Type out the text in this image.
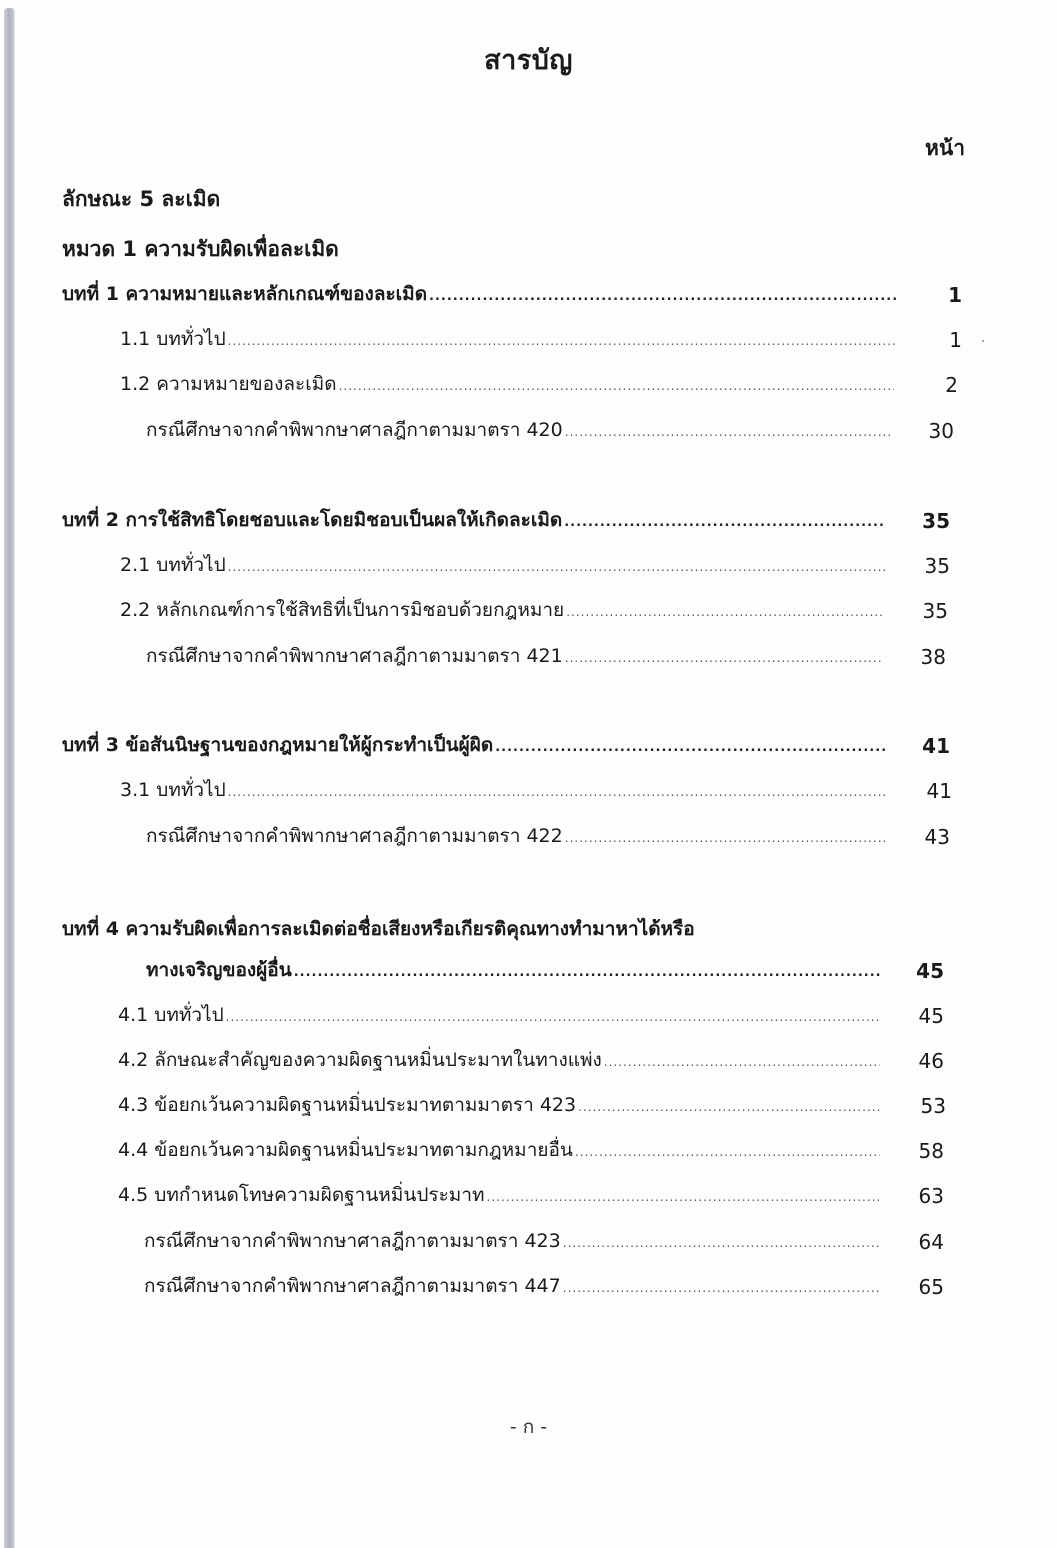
สารบัญ
หน้า
ลักษณะ 5 ละเมิด
หมวด 1 ความรับผิดเพื่อละเมิด
บทที่ 1 ความหมายและหลักเกณฑ์ของละเมิด .....	1
1.1 บททั่วไป .....	1
1.2 ความหมายของละเมิด .....	2
กรณีศึกษาจากคำพิพากษาศาลฎีกาตามมาตรา 420 .....	30
บทที่ 2 การใช้สิทธิโดยชอบและโดยมิชอบเป็นผลให้เกิดละเมิด .....	35
2.1 บททั่วไป .....	35
2.2 หลักเกณฑ์การใช้สิทธิที่เป็นการมิชอบด้วยกฎหมาย .....	35
กรณีศึกษาจากคำพิพากษาศาลฎีกาตามมาตรา 421 .....	38
บทที่ 3 ข้อสันนิษฐานของกฎหมายให้ผู้กระทำเป็นผู้ผิด .....	41
3.1 บททั่วไป .....	41
กรณีศึกษาจากคำพิพากษาศาลฎีกาตามมาตรา 422 .....	43
บทที่ 4 ความรับผิดเพื่อการละเมิดต่อชื่อเสียงหรือเกียรติคุณทางทำมาหาได้หรือ
ทางเจริญของผู้อื่น .....	45
4.1 บททั่วไป .....	45
4.2 ลักษณะสำคัญของความผิดฐานหมิ่นประมาทในทางแพ่ง .....	46
4.3 ข้อยกเว้นความผิดฐานหมิ่นประมาทตามมาตรา 423 .....	53
4.4 ข้อยกเว้นความผิดฐานหมิ่นประมาทตามกฎหมายอื่น .....	58
4.5 บทกำหนดโทษความผิดฐานหมิ่นประมาท .....	63
กรณีศึกษาจากคำพิพากษาศาลฎีกาตามมาตรา 423 .....	64
กรณีศึกษาจากคำพิพากษาศาลฎีกาตามมาตรา 447 .....	65
- ก -
